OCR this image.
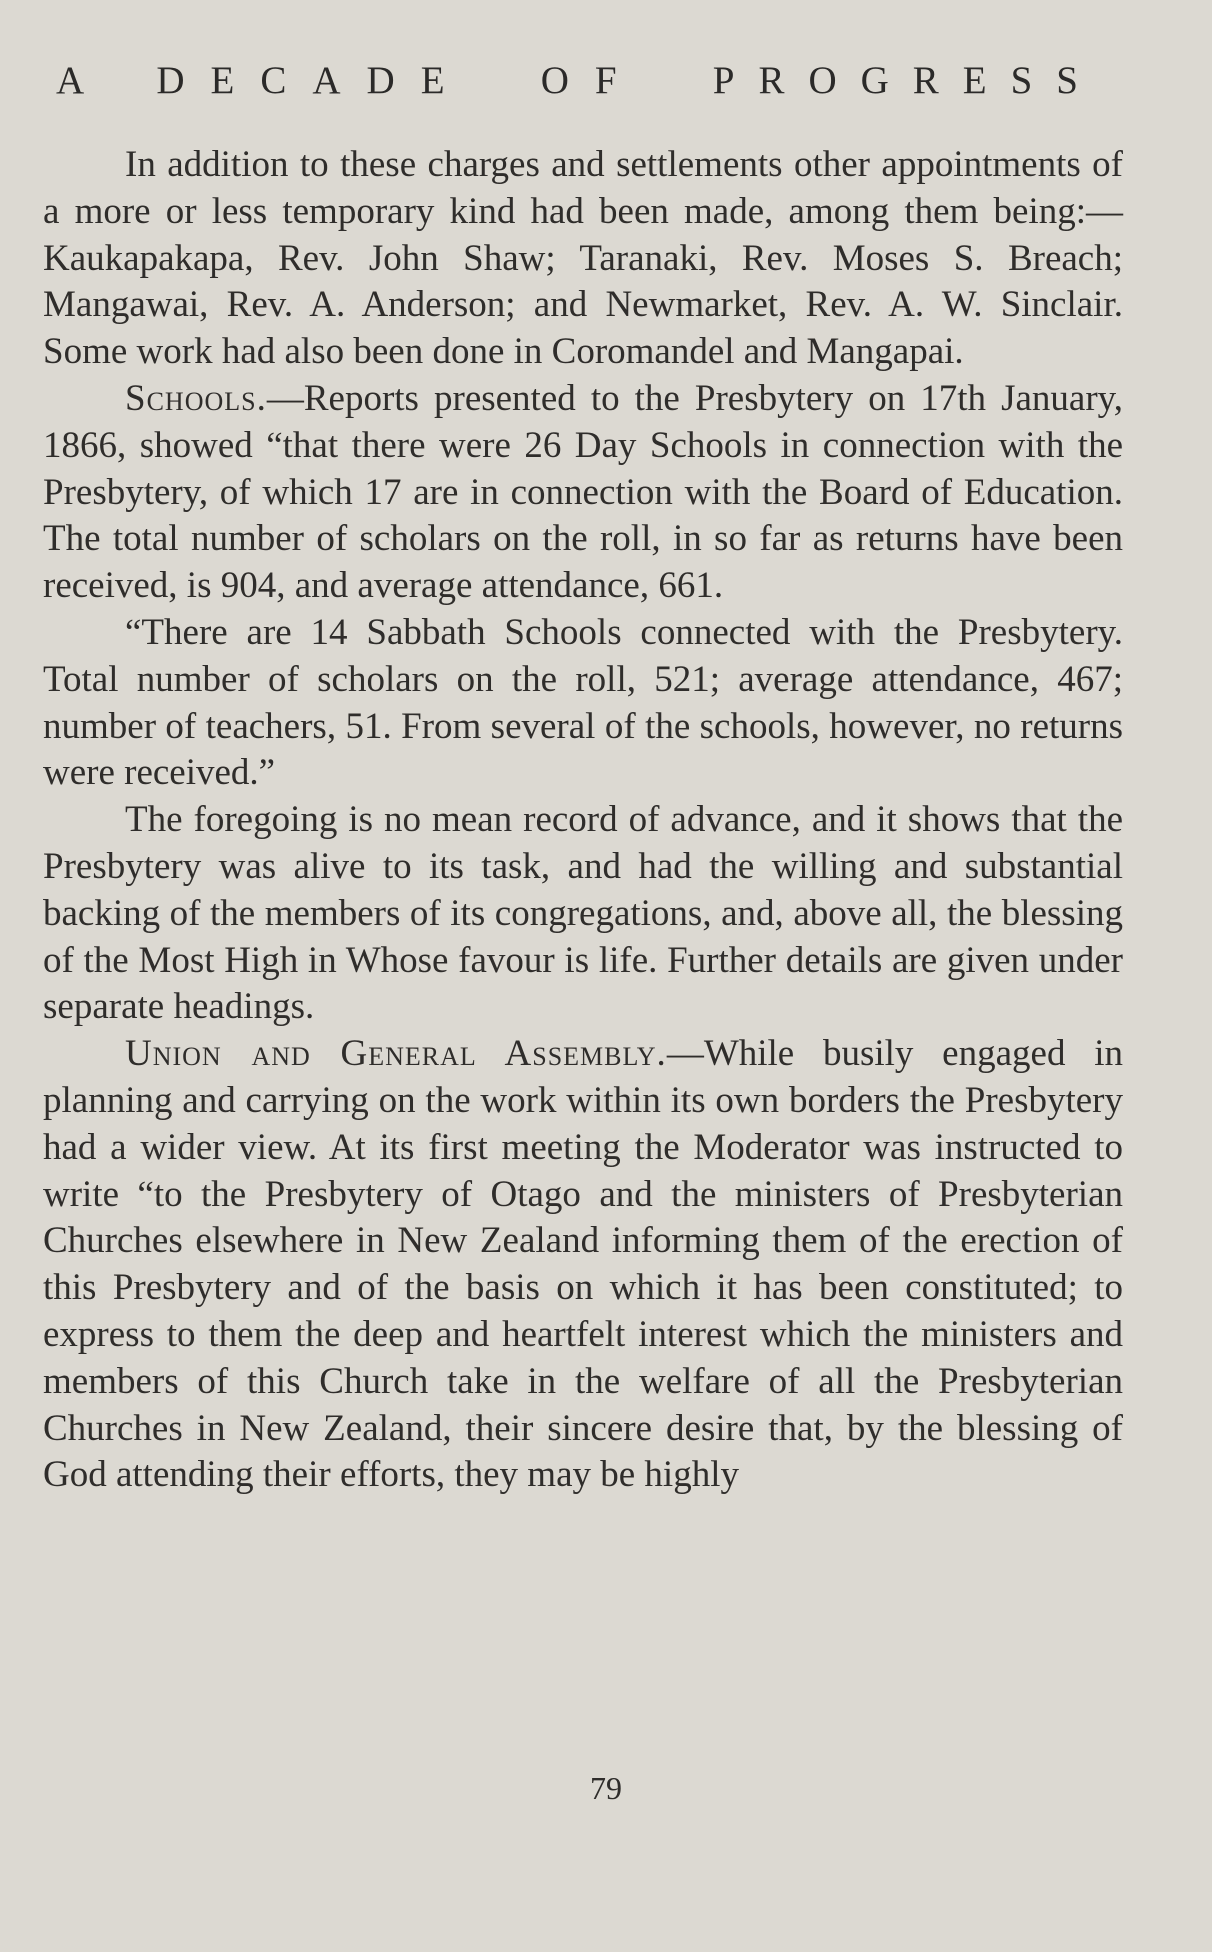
A DECADE OF PROGRESS

In addition to these charges and settlements other appointments of a more or less temporary kind had been made, among them being:—Kaukapakapa, Rev. John Shaw; Taranaki, Rev. Moses S. Breach; Mangawai, Rev. A. Anderson; and Newmarket, Rev. A. W. Sinclair. Some work had also been done in Coromandel and Mangapai.

Schools.—Reports presented to the Presbytery on 17th January, 1866, showed “that there were 26 Day Schools in connection with the Presbytery, of which 17 are in connection with the Board of Education. The total number of scholars on the roll, in so far as returns have been received, is 904, and average attendance, 661.

“There are 14 Sabbath Schools connected with the Presbytery. Total number of scholars on the roll, 521; average attendance, 467; number of teachers, 51. From several of the schools, however, no returns were received.”

The foregoing is no mean record of advance, and it shows that the Presbytery was alive to its task, and had the willing and substantial backing of the members of its congregations, and, above all, the blessing of the Most High in Whose favour is life. Further details are given under separate headings.

Union and General Assembly.—While busily engaged in planning and carrying on the work within its own borders the Presbytery had a wider view. At its first meeting the Moderator was instructed to write “to the Presbytery of Otago and the ministers of Presbyterian Churches elsewhere in New Zealand informing them of the erection of this Presbytery and of the basis on which it has been constituted; to express to them the deep and heartfelt interest which the ministers and members of this Church take in the welfare of all the Presbyterian Churches in New Zealand, their sincere desire that, by the blessing of God attending their efforts, they may be highly

79
